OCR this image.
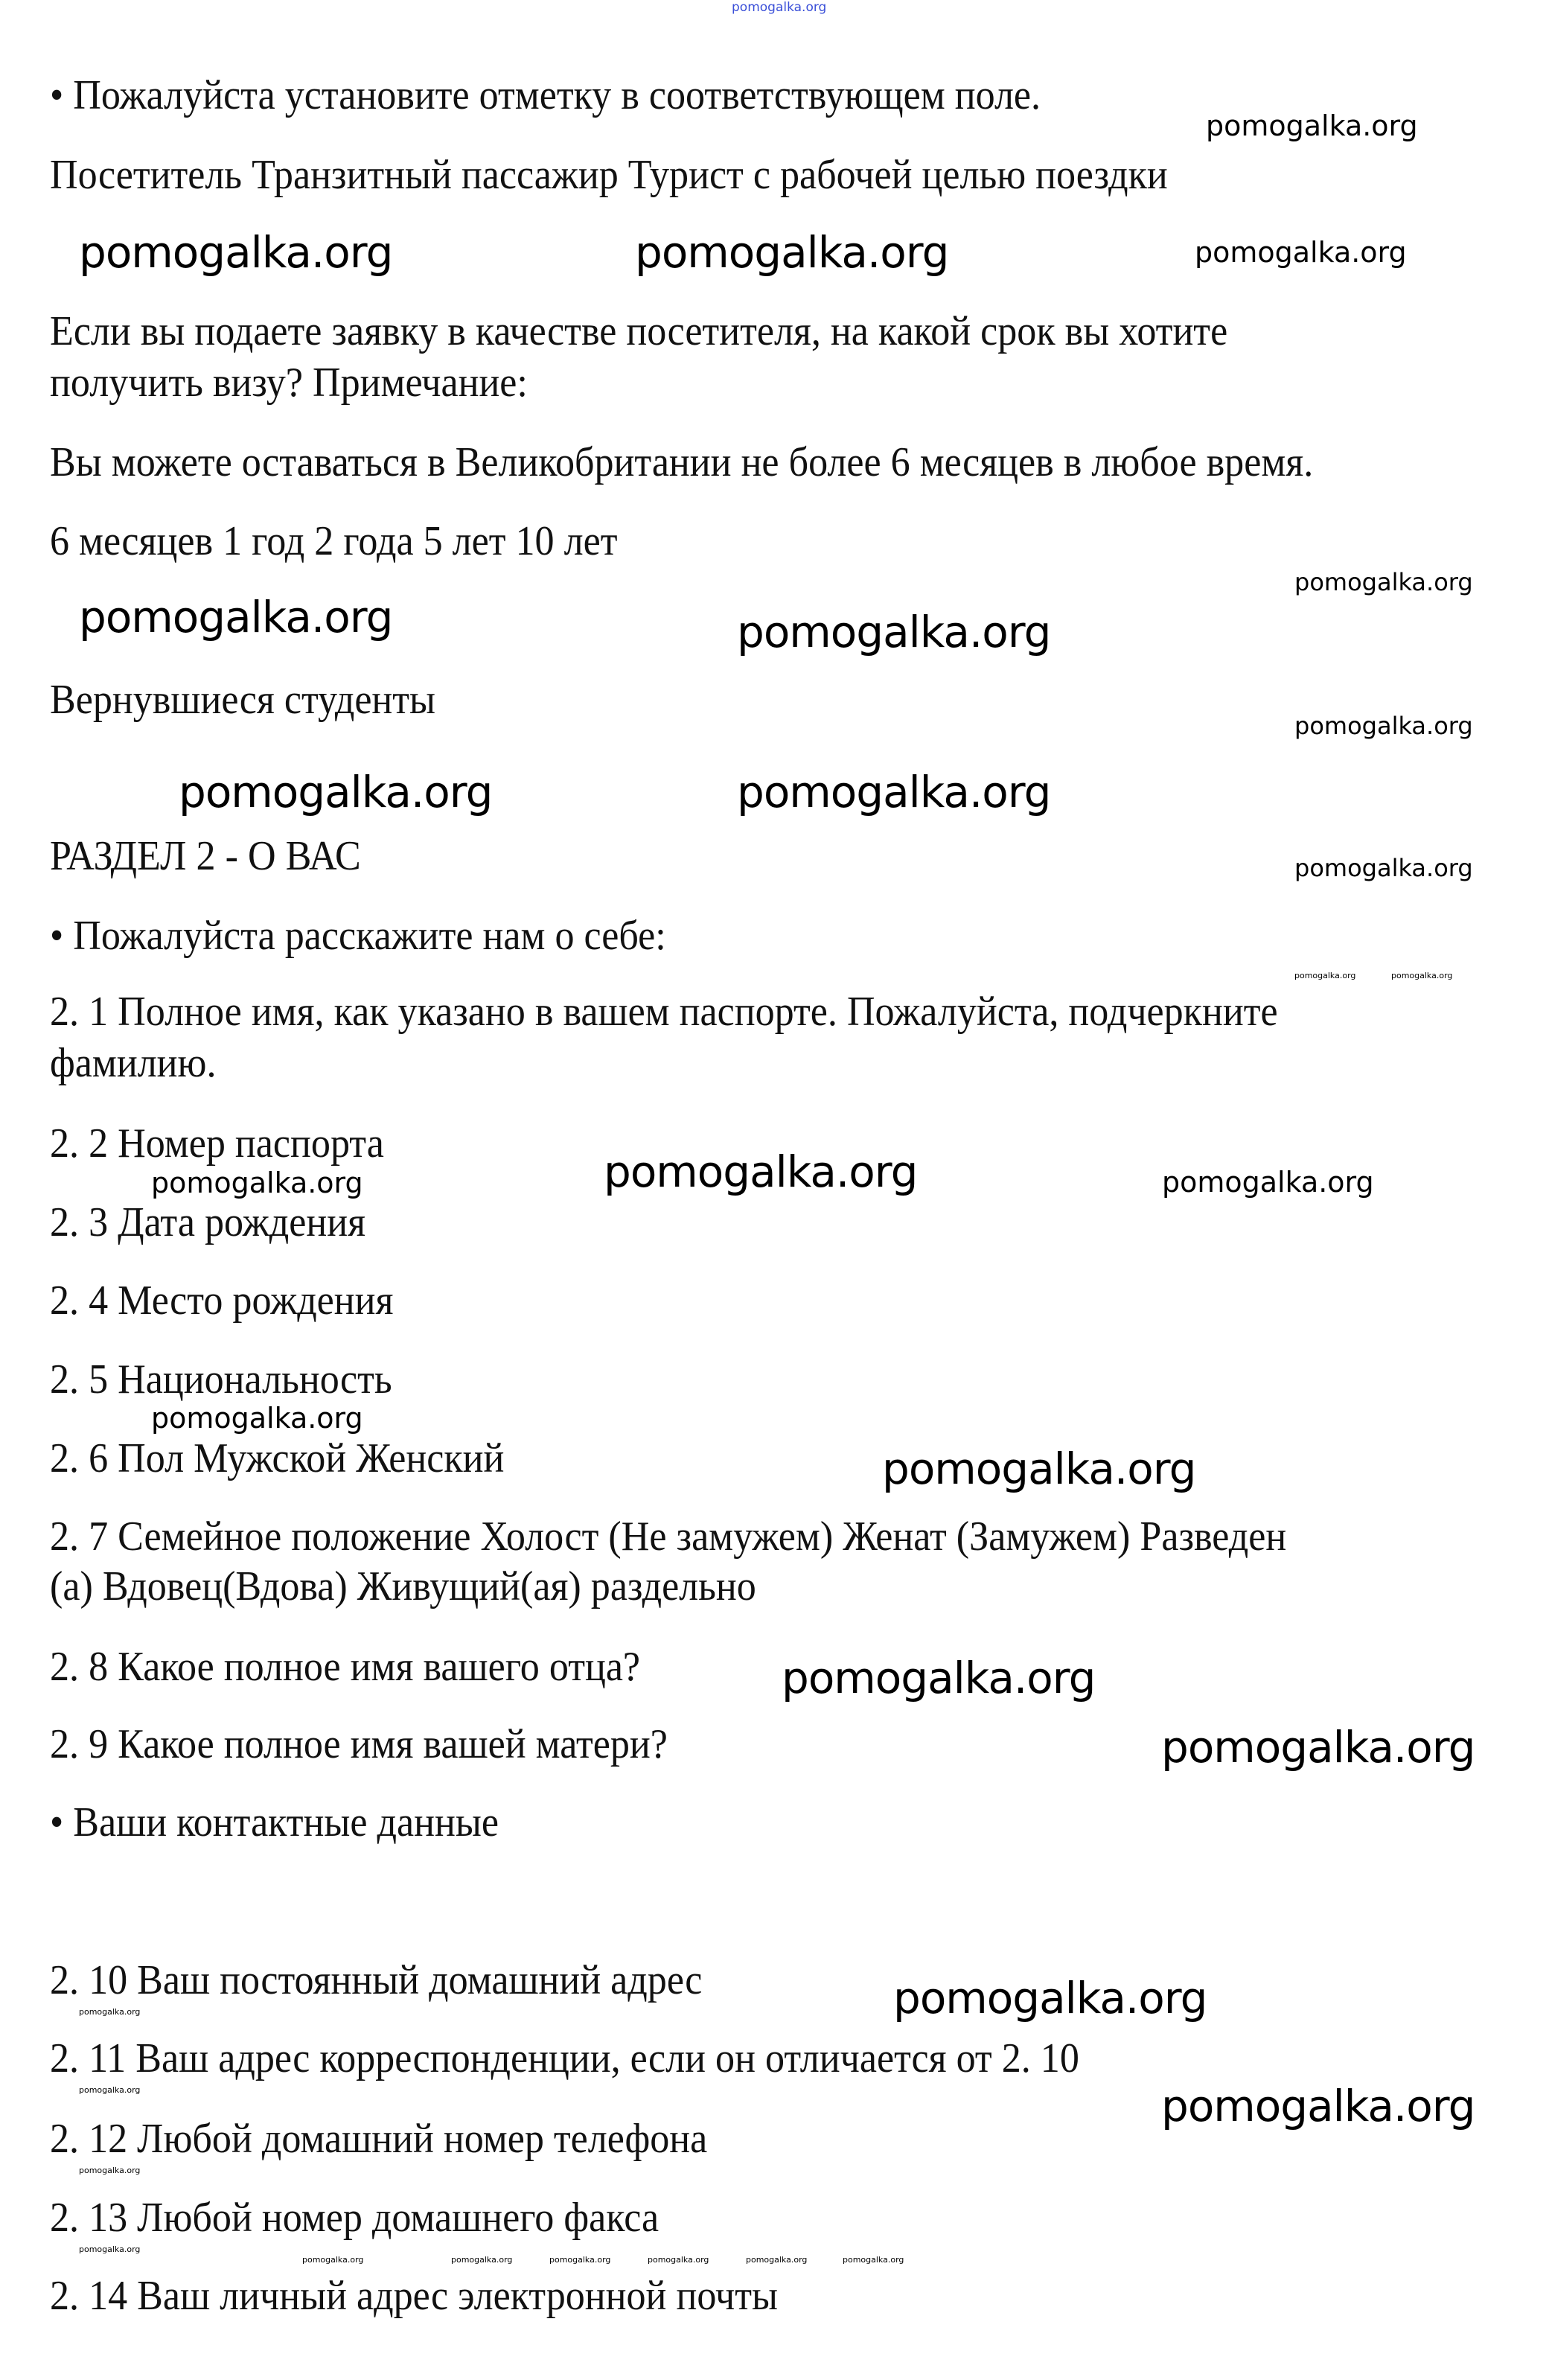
• Пожалуйста установите отметку в соответствующем поле.
Посетитель Транзитный пассажир Турист с рабочей целью поездки
Если вы подаете заявку в качестве посетителя, на какой срок вы хотите
получить визу? Примечание:
Вы можете оставаться в Великобритании не более 6 месяцев в любое время.
6 месяцев 1 год 2 года 5 лет 10 лет
Вернувшиеся студенты
РАЗДЕЛ 2 - О ВАС
• Пожалуйста расскажите нам о себе:
2. 1 Полное имя, как указано в вашем паспорте. Пожалуйста, подчеркните
фамилию.
2. 2 Номер паспорта
2. 3 Дата рождения
2. 4 Место рождения
2. 5 Национальность
2. 6 Пол Мужской Женский
2. 7 Семейное положение Холост (Не замужем) Женат (Замужем) Разведен
(а) Вдовец(Вдова) Живущий(ая) раздельно
2. 8 Какое полное имя вашего отца?
2. 9 Какое полное имя вашей матери?
• Ваши контактные данные
2. 10 Ваш постоянный домашний адрес
2. 11 Ваш адрес корреспонденции, если он отличается от 2. 10
2. 12 Любой домашний номер телефона
2. 13 Любой номер домашнего факса
2. 14 Ваш личный адрес электронной почты
pomogalka.org
pomogalka.org
pomogalka.org	pomogalka.org	pomogalka.org
pomogalka.org
pomogalka.org	pomogalka.org
pomogalka.org
pomogalka.org
pomogalka.org	pomogalka.org
pomogalka.org	pomogalka.org
pomogalka.org	pomogalka.org	pomogalka.org
pomogalka.org
pomogalka.org
pomogalka.org
pomogalka.org
pomogalka.org	pomogalka.org
pomogalka.org	pomogalka.org
pomogalka.org
pomogalka.org
pomogalka.org	pomogalka.org	pomogalka.org	pomogalka.org	pomogalka.org	pomogalka.org
